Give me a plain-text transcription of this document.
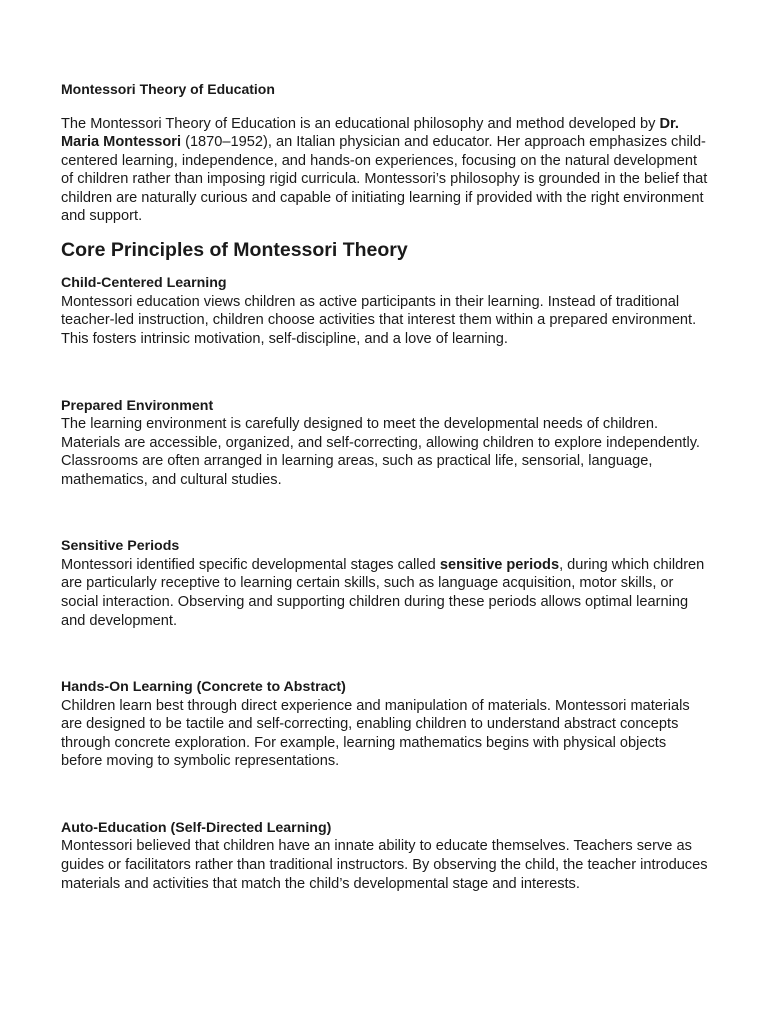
Montessori Theory of Education

The Montessori Theory of Education is an educational philosophy and method developed by Dr. Maria Montessori (1870–1952), an Italian physician and educator. Her approach emphasizes child-centered learning, independence, and hands-on experiences, focusing on the natural development of children rather than imposing rigid curricula. Montessori’s philosophy is grounded in the belief that children are naturally curious and capable of initiating learning if provided with the right environment and support.

Core Principles of Montessori Theory

Child-Centered Learning

Montessori education views children as active participants in their learning. Instead of traditional teacher-led instruction, children choose activities that interest them within a prepared environment. This fosters intrinsic motivation, self-discipline, and a love of learning.

Prepared Environment

The learning environment is carefully designed to meet the developmental needs of children. Materials are accessible, organized, and self-correcting, allowing children to explore independently. Classrooms are often arranged in learning areas, such as practical life, sensorial, language, mathematics, and cultural studies.

Sensitive Periods

Montessori identified specific developmental stages called sensitive periods, during which children are particularly receptive to learning certain skills, such as language acquisition, motor skills, or social interaction. Observing and supporting children during these periods allows optimal learning and development.

Hands-On Learning (Concrete to Abstract)

Children learn best through direct experience and manipulation of materials. Montessori materials are designed to be tactile and self-correcting, enabling children to understand abstract concepts through concrete exploration. For example, learning mathematics begins with physical objects before moving to symbolic representations.

Auto-Education (Self-Directed Learning)

Montessori believed that children have an innate ability to educate themselves. Teachers serve as guides or facilitators rather than traditional instructors. By observing the child, the teacher introduces materials and activities that match the child’s developmental stage and interests.
